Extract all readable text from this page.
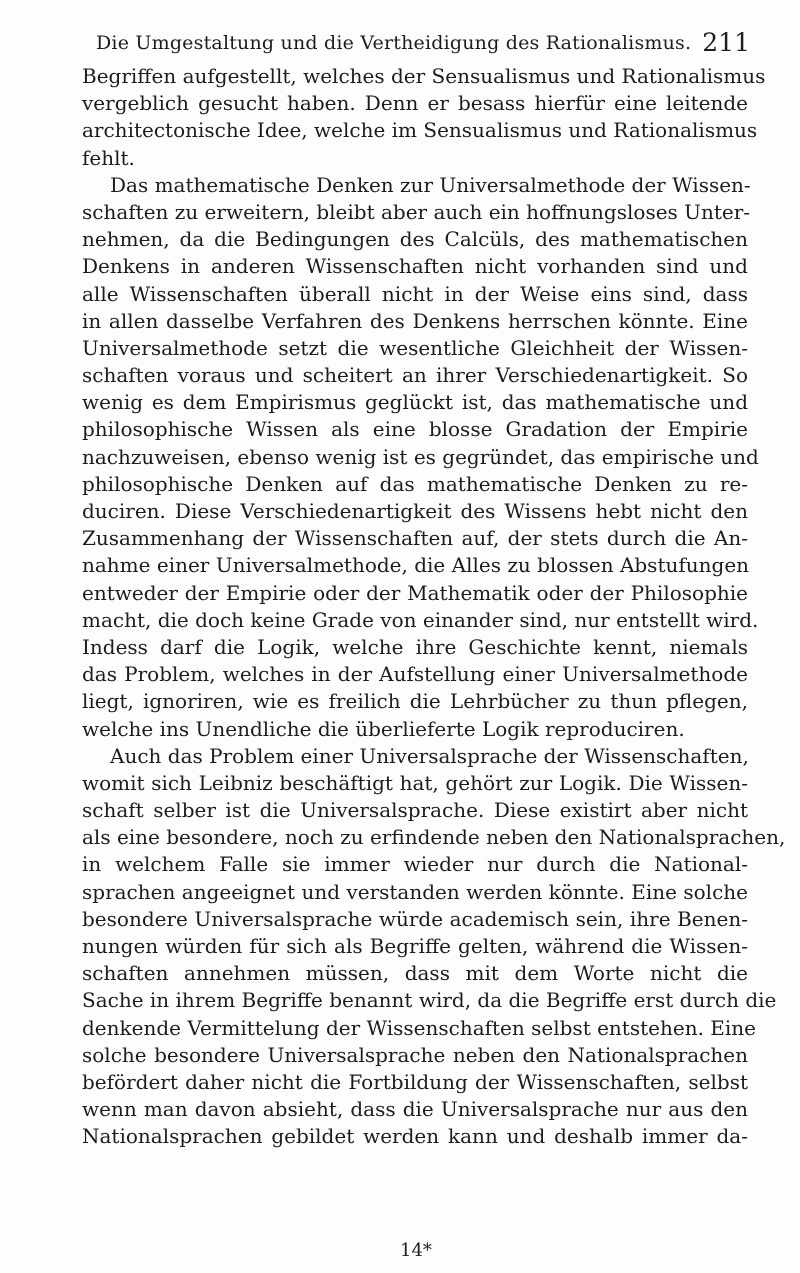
Die Umgestaltung und die Vertheidigung des Rationalismus. 211
Begriffen aufgestellt, welches der Sensualismus und Rationalismus
vergeblich gesucht haben. Denn er besass hierfür eine leitende
architectonische Idee, welche im Sensualismus und Rationalismus
fehlt.
Das mathematische Denken zur Universalmethode der Wissen-
schaften zu erweitern, bleibt aber auch ein hoffnungsloses Unter-
nehmen, da die Bedingungen des Calcüls, des mathematischen
Denkens in anderen Wissenschaften nicht vorhanden sind und
alle Wissenschaften überall nicht in der Weise eins sind, dass
in allen dasselbe Verfahren des Denkens herrschen könnte. Eine
Universalmethode setzt die wesentliche Gleichheit der Wissen-
schaften voraus und scheitert an ihrer Verschiedenartigkeit. So
wenig es dem Empirismus geglückt ist, das mathematische und
philosophische Wissen als eine blosse Gradation der Empirie
nachzuweisen, ebenso wenig ist es gegründet, das empirische und
philosophische Denken auf das mathematische Denken zu re-
duciren. Diese Verschiedenartigkeit des Wissens hebt nicht den
Zusammenhang der Wissenschaften auf, der stets durch die An-
nahme einer Universalmethode, die Alles zu blossen Abstufungen
entweder der Empirie oder der Mathematik oder der Philosophie
macht, die doch keine Grade von einander sind, nur entstellt wird.
Indess darf die Logik, welche ihre Geschichte kennt, niemals
das Problem, welches in der Aufstellung einer Universalmethode
liegt, ignoriren, wie es freilich die Lehrbücher zu thun pflegen,
welche ins Unendliche die überlieferte Logik reproduciren.
Auch das Problem einer Universalsprache der Wissenschaften,
womit sich Leibniz beschäftigt hat, gehört zur Logik. Die Wissen-
schaft selber ist die Universalsprache. Diese existirt aber nicht
als eine besondere, noch zu erfindende neben den Nationalsprachen,
in welchem Falle sie immer wieder nur durch die National-
sprachen angeeignet und verstanden werden könnte. Eine solche
besondere Universalsprache würde academisch sein, ihre Benen-
nungen würden für sich als Begriffe gelten, während die Wissen-
schaften annehmen müssen, dass mit dem Worte nicht die
Sache in ihrem Begriffe benannt wird, da die Begriffe erst durch die
denkende Vermittelung der Wissenschaften selbst entstehen. Eine
solche besondere Universalsprache neben den Nationalsprachen
befördert daher nicht die Fortbildung der Wissenschaften, selbst
wenn man davon absieht, dass die Universalsprache nur aus den
Nationalsprachen gebildet werden kann und deshalb immer da-
14*
